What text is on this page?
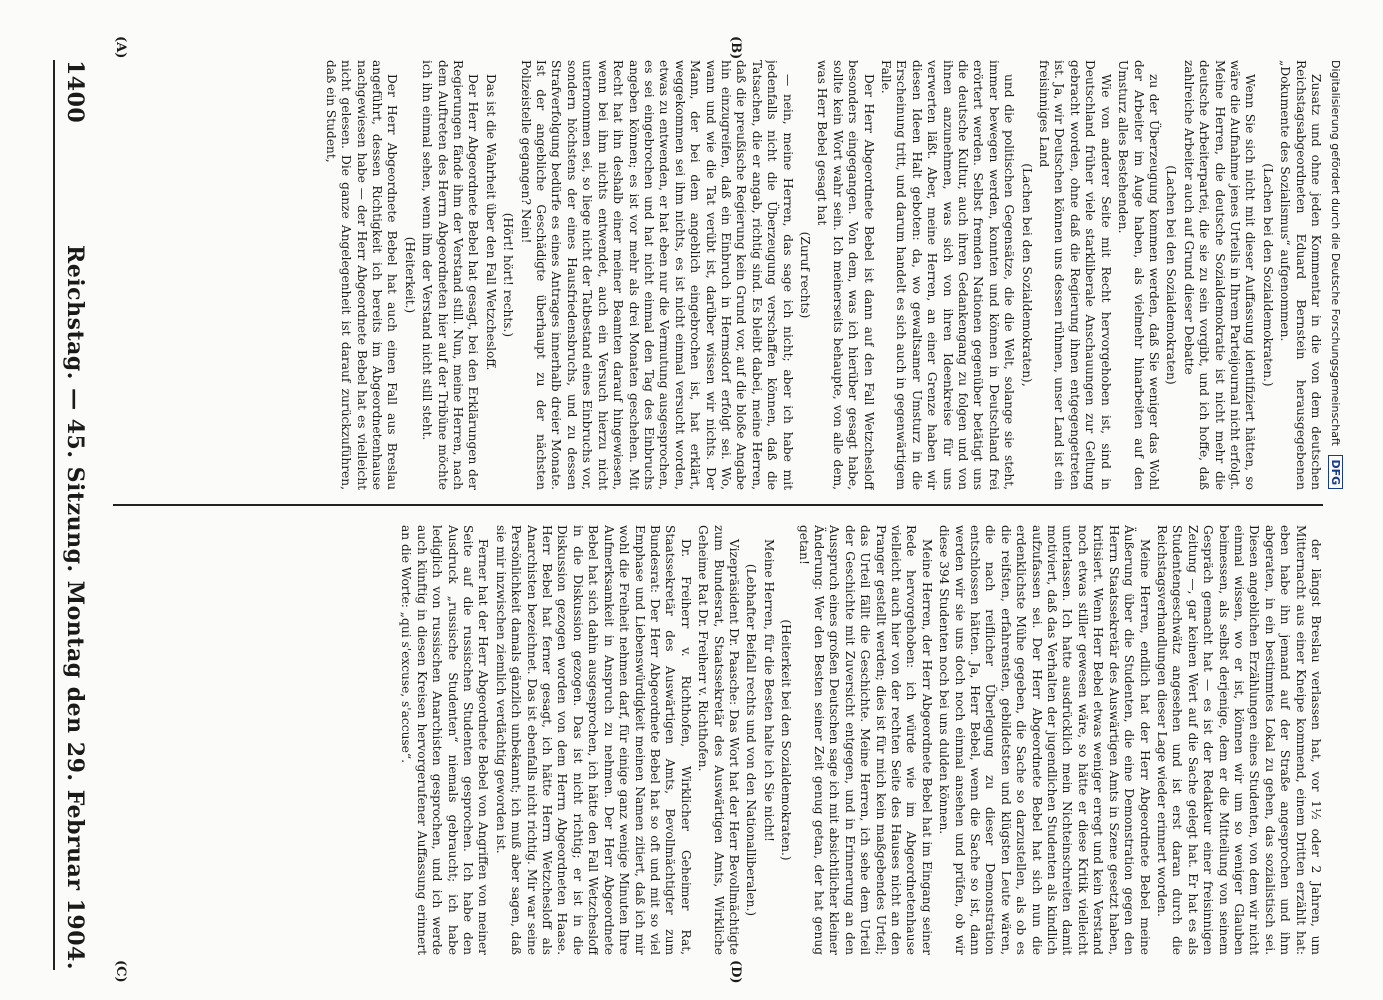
1400
Reichstag. — 45. Sitzung. Montag den 29. Februar 1904.	Zusatz und ohne jeden Kommentar in die von dem deutschen Reichstagsabgeordneten Eduard Bernstein herausgegebenen „Dokumente des Sozialismus“ aufgenommen.

(Lachen bei den Sozialdemokraten.)

Wenn Sie sich nicht mit dieser Auffassung identifiziert hätten, so wäre die Aufnahme jenes Urteils in Ihrem Parteijournal nicht erfolgt. Meine Herren, die deutsche Sozialdemokratie ist nicht mehr die deutsche Arbeiterpartei, die sie zu sein vorgibt, und ich hoffe, daß zahlreiche Arbeiter auch auf Grund dieser Debatte

(Lachen bei den Sozialdemokraten)

zu der Überzeugung kommen werden, daß Sie weniger das Wohl der Arbeiter im Auge haben, als vielmehr hinarbeiten auf den Umsturz alles Bestehenden.

Wie von anderer Seite mit Recht hervorgehoben ist, sind in Deutschland früher viele starkliberale Anschauungen zur Geltung gebracht worden, ohne daß die Regierung ihnen entgegengetreten ist. Ja, wir Deutschen können uns dessen rühmen, unser Land ist ein freisinniges Land

(Lachen bei den Sozialdemokraten),

und die politischen Gegensätze, die die Welt, solange sie steht, immer bewegen werden, konnten und können in Deutschland frei erörtert werden. Selbst fremden Nationen gegenüber betätigt uns die deutsche Kultur, auch ihren Gedankengang zu folgen und von ihnen anzunehmen, was sich von ihren Ideenkreise für uns verwerten läßt. Aber, meine Herren, an einer Grenze haben wir diesen Ideen Halt geboten: da, wo gewaltsamer Umsturz in die Erscheinung tritt, und darum handelt es sich auch in gegenwärtigem Falle.

Der Herr Abgeordnete Bebel ist dann auf den Fall Wetzchesloff besonders eingegangen. Von dem, was ich hierüber gesagt habe, sollte kein Wort wahr sein. Ich meinerseits behaupte, von alle dem, was Herr Bebel gesagt hat

(Zuruf rechts)

— nein, meine Herren, das sage ich nicht; aber ich habe mit jedenfalls nicht die Überzeugung verschaffen können, daß die Tatsachen, die er angab, richtig sind. Es bleibt dabei, meine Herren, daß die preußische Regierung kein Grund vor, auf die bloße Angabe hin einzugreifen, daß ein Einbruch in Hermsdorf erfolgt sei. Wo, wann und wie die Tat verübt ist, darüber wissen wir nichts. Der Mann, der bei dem angeblich eingebrochen ist, hat erklärt, weggekommen sei ihm nichts, es ist nicht einmal versucht worden, etwas zu entwenden, er hat eben nur die Vermutung ausgesprochen, es sei eingebrochen und hat nicht einmal den Tag des Einbruchs angeben können; es ist vor mehr als drei Monaten geschehen. Mit Recht hat ihn deshalb einer meiner Beamten darauf hingewiesen, wenn bei ihm nichts entwendet, auch ein Versuch hierzu nicht unternommen sei, so liege nicht der Tatbestand eines Einbruchs vor, sondern höchstens der eines Hausfriedensbruchs, und zu dessen Strafverfolgung bedürfe es eines Antrages innerhalb dreier Monate. Ist der angebliche Geschädigte überhaupt zu der nächsten Polizeistelle gegangen? Nein!

(Hört! hört! rechts.)

Das ist die Wahrheit über den Fall Wetzchesloff.

Der Herr Abgeordnete Bebel hat gesagt, bei den Erklärungen der Regierungen fände ihm der Verstand still. Nun, meine Herren, nach dem Auftreten des Herrn Abgeordneten hier auf der Tribüne möchte ich ihn einmal sehen, wenn ihm der Verstand nicht still steht.

(Heiterkeit.)

Der Herr Abgeordnete Bebel hat auch einen Fall aus Breslau angeführt, dessen Richtigkeit ich bereits im Abgeordnetenhause nachgewiesen habe — der Herr Abgeordnete Bebel hat es vielleicht nicht gelesen. Die ganze Angelegenheit ist darauf zurückzuführen, daß ein Student,

der längst Breslau verlassen hat, vor 1½ oder 2 Jahren, um Mitternacht aus einer Kneipe kommend, einem Dritten erzählt hat: eben habe ihn jemand auf der Straße angesprochen und ihm abgeraten, in ein bestimmtes Lokal zu gehen, das sozialistisch sei. Diesen angeblichen Erzählungen eines Studenten, von dem wir nicht einmal wissen, wo er ist, können wir um so weniger Glauben beimessen, als selbst derjenige, dem er die Mitteilung von seinem Gespräch gemacht hat — es ist der Redakteur einer freisinnigen Zeitung —, gar keinen Wert auf die Sache gelegt hat. Er hat es als Studentengeschwätz angesehen und ist erst daran durch die Reichstagsverhandlungen dieser Lage wieder erinnert worden.

Meine Herren, endlich hat der Herr Abgeordnete Bebel meine Äußerung über die Studenten, die eine Demonstration gegen den Herrn Staatssekretär des Auswärtigen Amts in Szene gesetzt haben, kritisiert. Wenn Herr Bebel etwas weniger erregt und kein Verstand noch etwas stiller gewesen wäre, so hätte er diese Kritik vielleicht unterlassen. Ich hatte ausdrücklich mein Nichteinschreiten damit motiviert, daß das Verhalten der jugendlichen Studenten als kindlich aufzufassen sei. Der Herr Abgeordnete Bebel hat sich nun die erdenklichste Mühe gegeben, die Sache so darzustellen, als ob es die reifsten, erfahrensten, gebildetsten und klügsten Leute wären, die nach reiflicher Überlegung zu dieser Demonstration entschlossen hätten. Ja, Herr Bebel, wenn die Sache so ist, dann werden wir sie uns doch noch einmal ansehen und prüfen, ob wir diese 394 Studenten noch bei uns dulden können.

Meine Herren, der Herr Abgeordnete Bebel hat im Eingang seiner Rede hervorgehoben: ich würde wie im Abgeordnetenhause vielleicht auch hier von der rechten Seite des Hauses nicht an den Pranger gestellt werden; dies ist für mich kein maßgebendes Urteil; das Urteil fällt die Geschichte. Meine Herren, ich sehe dem Urteil der Geschichte mit Zuversicht entgegen, und in Erinnerung an den Ausspruch eines großen Deutschen sage ich mit absichtlicher kleiner Änderung: Wer den Besten seiner Zeit genug getan, der hat genug getan!

(Heiterkeit bei den Sozialdemokraten.)

Meine Herren, für die Besten halte ich Sie nicht!

(Lebhafter Beifall rechts und von den Nationalliberalen.)

Vizepräsident Dr. Paasche: Das Wort hat der Herr Bevollmächtigte zum Bundesrat, Staatssekretär des Auswärtigen Amts, Wirkliche Geheime Rat Dr. Freiherr v. Richthofen.

Dr. Freiherr v. Richthofen, Wirklicher Geheimer Rat, Staatssekretär des Auswärtigen Amts, Bevollmächtigter zum Bundesrat: Der Herr Abgeordnete Bebel hat so oft und mit so viel Emphase und Liebenswürdigkeit meinen Namen zitiert, daß ich mir wohl die Freiheit nehmen darf, für einige ganz wenige Minuten Ihre Aufmerksamkeit in Anspruch zu nehmen. Der Herr Abgeordnete Bebel hat sich dahin ausgesprochen, ich hätte den Fall Wetzchesloff in die Diskussion gezogen. Das ist nicht richtig; er ist in die Diskussion gezogen worden von dem Herrn Abgeordneten Haase. Herr Bebel hat ferner gesagt, ich hätte Herrn Wetzchesloff als Anarchisten bezeichnet. Das ist ebenfalls nicht richtig. Mir war seine Persönlichkeit damals gänzlich unbekannt; ich muß aber sagen, daß sie mir inzwischen ziemlich verdächtig geworden ist.

Ferner hat der Herr Abgeordnete Bebel von Angriffen von meiner Seite auf die russischen Studenten gesprochen. Ich habe den Ausdruck „russische Studenten“ niemals gebraucht; ich habe lediglich von russischen Anarchisten gesprochen, und ich werde auch künftig in diesen Kreisen hervorgerufener Auffassung erinnert an die Worte: „qui s'excuse, s'accuse“.

(A)	(B)
(C)	(D)
Digitalisierung gefördert durch die Deutsche Forschungsgemeinschaft DFG
